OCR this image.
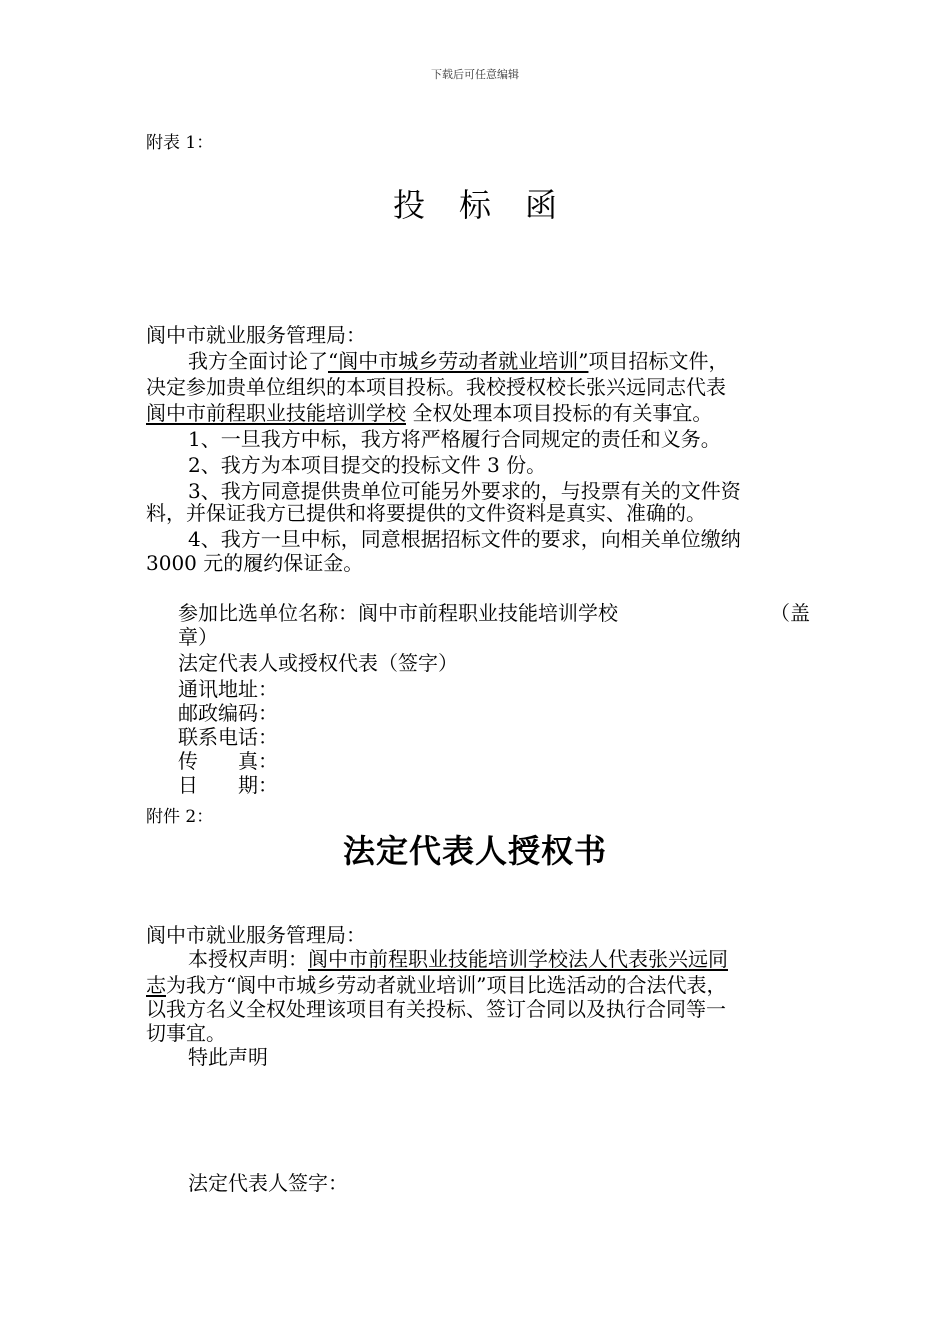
下载后可任意编辑
附表 1：
投标函
阆中市就业服务管理局：
我方全面讨论了“阆中市城乡劳动者就业培训”项目招标文件，
决定参加贵单位组织的本项目投标。我校授权校长张兴远同志代表
阆中市前程职业技能培训学校 全权处理本项目投标的有关事宜。
1、一旦我方中标，我方将严格履行合同规定的责任和义务。
2、我方为本项目提交的投标文件 3 份。
3、我方同意提供贵单位可能另外要求的，与投票有关的文件资
料，并保证我方已提供和将要提供的文件资料是真实、准确的。
4、我方一旦中标，同意根据招标文件的要求，向相关单位缴纳
3000 元的履约保证金。
参加比选单位名称：阆中市前程职业技能培训学校	（盖
章）
法定代表人或授权代表（签字）
通讯地址：
邮政编码：
联系电话：
传　　真：
日　　期：
附件 2：
法定代表人授权书
阆中市就业服务管理局：
本授权声明：阆中市前程职业技能培训学校法人代表张兴远同
志为我方“阆中市城乡劳动者就业培训”项目比选活动的合法代表，
以我方名义全权处理该项目有关投标、签订合同以及执行合同等一
切事宜。
特此声明
法定代表人签字：
